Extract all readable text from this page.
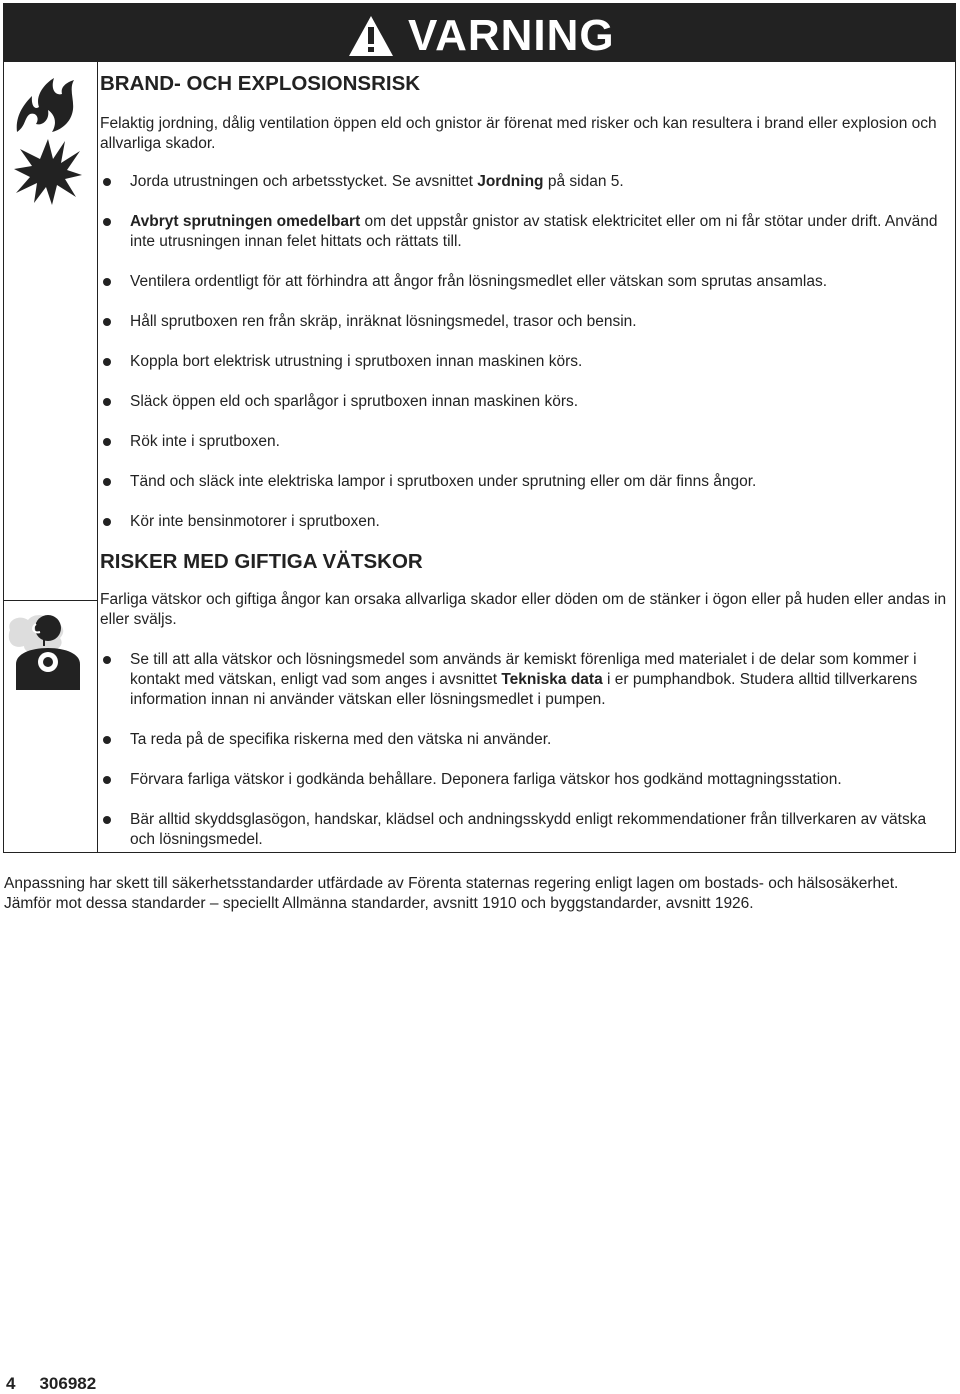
VARNING
BRAND- OCH EXPLOSIONSRISK

Felaktig jordning, dålig ventilation öppen eld och gnistor är förenat med risker och kan resultera i brand eller explosion och allvarliga skador.

Jorda utrustningen och arbetsstycket. Se avsnittet Jordning på sidan 5.
Avbryt sprutningen omedelbart om det uppstår gnistor av statisk elektricitet eller om ni får stötar under drift. Använd inte utrusningen innan felet hittats och rättats till.
Ventilera ordentligt för att förhindra att ångor från lösningsmedlet eller vätskan som sprutas ansamlas.
Håll sprutboxen ren från skräp, inräknat lösningsmedel, trasor och bensin.
Koppla bort elektrisk utrustning i sprutboxen innan maskinen körs.
Släck öppen eld och sparlågor i sprutboxen innan maskinen körs.
Rök inte i sprutboxen.
Tänd och släck inte elektriska lampor i sprutboxen under sprutning eller om där finns ångor.
Kör inte bensinmotorer i sprutboxen.
RISKER MED GIFTIGA VÄTSKOR

Farliga vätskor och giftiga ångor kan orsaka allvarliga skador eller döden om de stänker i ögon eller på huden eller andas in eller sväljs.

Se till att alla vätskor och lösningsmedel som används är kemiskt förenliga med materialet i de delar som kommer i kontakt med vätskan, enligt vad som anges i avsnittet Tekniska data i er pumphandbok. Studera alltid tillverkarens information innan ni använder vätskan eller lösningsmedlet i pumpen.
Ta reda på de specifika riskerna med den vätska ni använder.
Förvara farliga vätskor i godkända behållare. Deponera farliga vätskor hos godkänd mottagningsstation.
Bär alltid skyddsglasögon, handskar, klädsel och andningsskydd enligt rekommendationer från tillverkaren av vätska och lösningsmedel.
Anpassning har skett till säkerhetsstandarder utfärdade av Förenta staternas regering enligt lagen om bostads- och hälsosäkerhet. Jämför mot dessa standarder – speciellt Allmänna standarder, avsnitt 1910 och byggstandarder, avsnitt 1926.
4 306982
